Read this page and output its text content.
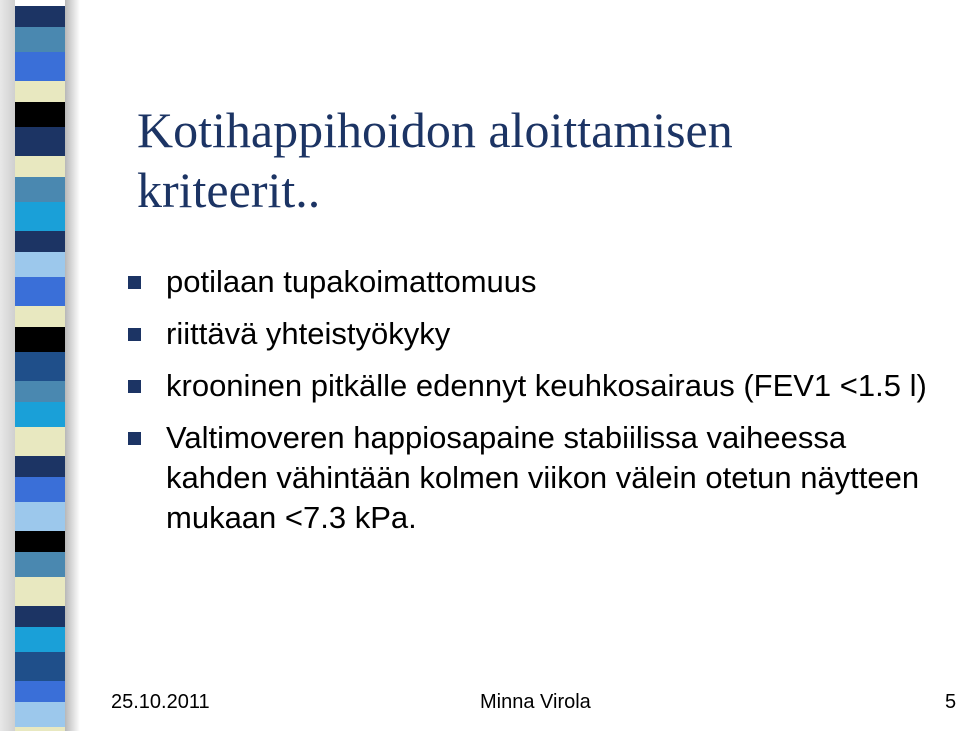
Kotihappihoidon aloittamisen kriteerit..
potilaan tupakoimattomuus
riittävä yhteistyökyky
krooninen pitkälle edennyt keuhkosairaus (FEV1 <1.5 l)
Valtimoveren happiosapaine stabiilissa vaiheessa kahden vähintään kolmen viikon välein otetun näytteen mukaan <7.3 kPa.
25.10.2011	Minna Virola	5
